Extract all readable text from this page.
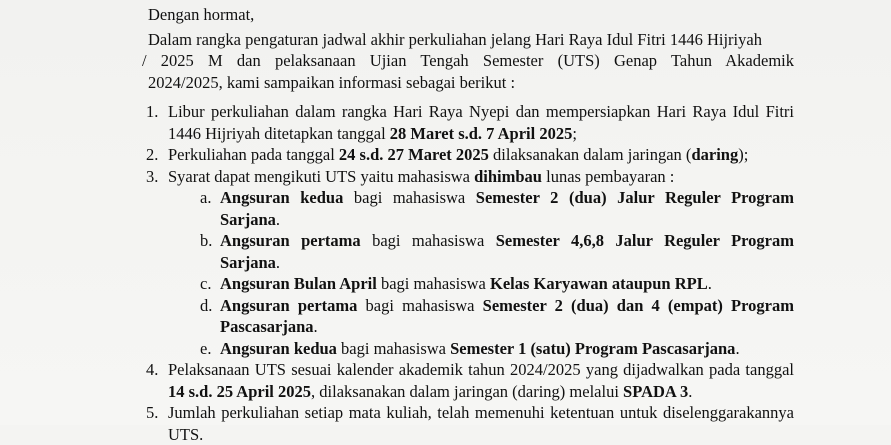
Dengan hormat,
Dalam rangka pengaturan jadwal akhir perkuliahan jelang Hari Raya Idul Fitri 1446 Hijriyah

/ 2025 M dan pelaksanaan Ujian Tengah Semester (UTS) Genap Tahun Akademik
2024/2025, kami sampaikan informasi sebagai berikut :
1. Libur perkuliahan dalam rangka Hari Raya Nyepi dan mempersiapkan Hari Raya Idul Fitri 1446 Hijriyah ditetapkan tanggal 28 Maret s.d. 7 April 2025;
2. Perkuliahan pada tanggal 24 s.d. 27 Maret 2025 dilaksanakan dalam jaringan (daring);
3. Syarat dapat mengikuti UTS yaitu mahasiswa dihimbau lunas pembayaran :
a. Angsuran kedua bagi mahasiswa Semester 2 (dua) Jalur Reguler Program Sarjana.
b. Angsuran pertama bagi mahasiswa Semester 4,6,8 Jalur Reguler Program Sarjana.
c. Angsuran Bulan April bagi mahasiswa Kelas Karyawan ataupun RPL.
d. Angsuran pertama bagi mahasiswa Semester 2 (dua) dan 4 (empat) Program Pascasarjana.
e. Angsuran kedua bagi mahasiswa Semester 1 (satu) Program Pascasarjana.
4. Pelaksanaan UTS sesuai kalender akademik tahun 2024/2025 yang dijadwalkan pada tanggal 14 s.d. 25 April 2025, dilaksanakan dalam jaringan (daring) melalui SPADA 3.
5. Jumlah perkuliahan setiap mata kuliah, telah memenuhi ketentuan untuk diselenggarakannya UTS.
